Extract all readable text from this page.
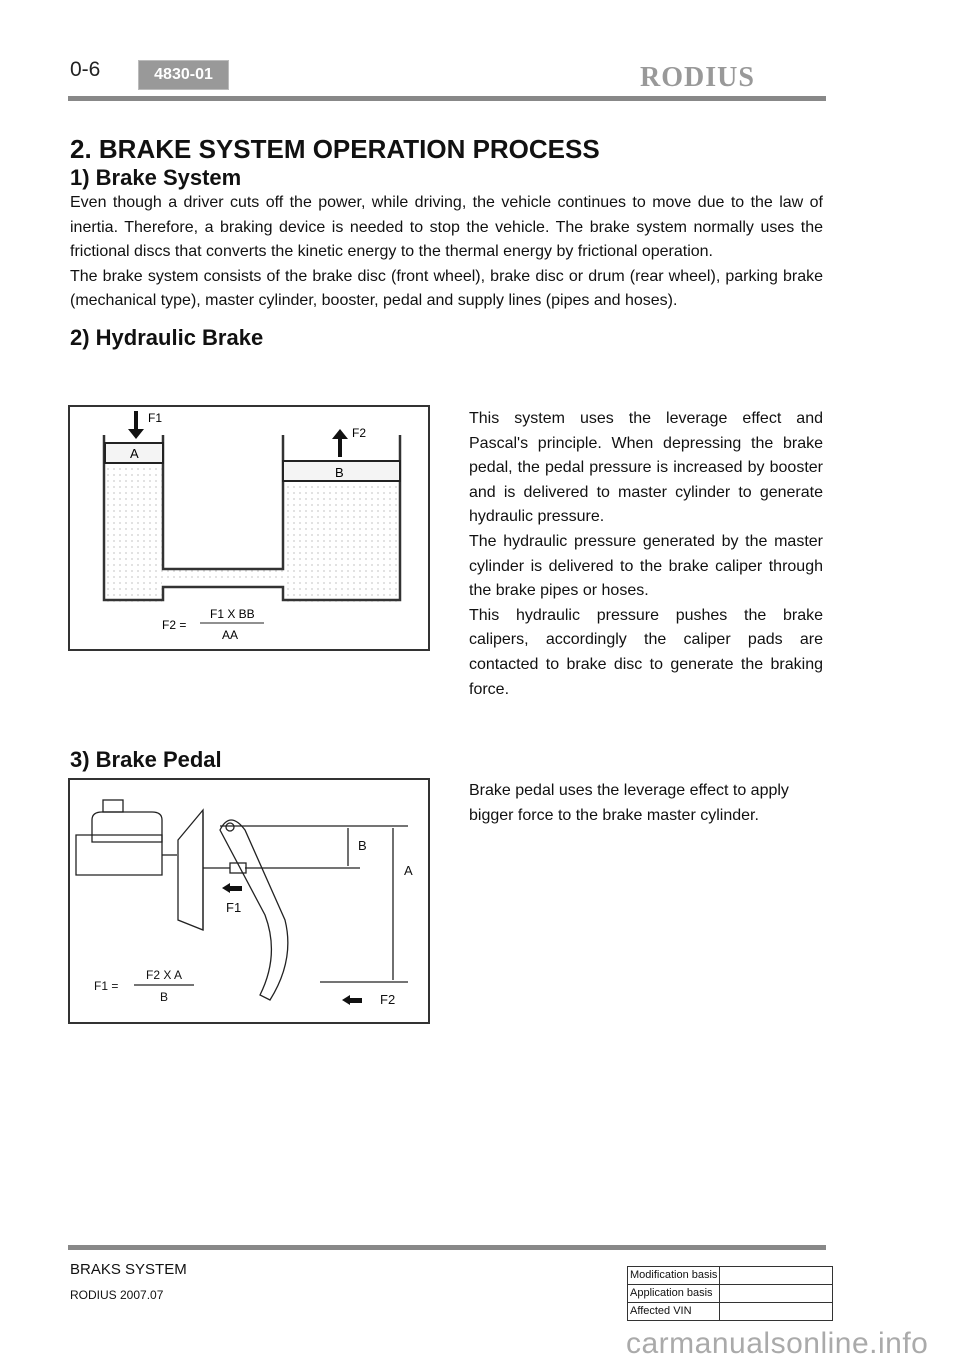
0-6	4830-01	RODIUS
2. BRAKE SYSTEM OPERATION PROCESS
1) Brake System

Even though a driver cuts off the power, while driving, the vehicle continues to move due to the law of inertia. Therefore, a braking device is needed to stop the vehicle. The brake system normally uses the frictional discs that converts the kinetic energy to the thermal energy by frictional operation.

The brake system consists of the brake disc (front wheel), brake disc or drum (rear wheel), parking brake (mechanical type), master cylinder, booster, pedal and supply lines (pipes and hoses).

2) Hydraulic Brake
F1
F2
A
B
F2 =
F1 X BB
AA

This system uses the leverage effect and Pascal's principle. When depressing the brake pedal, the pedal pressure is increased by booster and is delivered to master cylinder to generate hydraulic pressure.

The hydraulic pressure generated by the master cylinder is delivered to the brake caliper through the brake pipes or hoses.

This hydraulic pressure pushes the brake calipers, accordingly the caliper pads are contacted to brake disc to generate the braking force.

3) Brake Pedal
B
A
F1
F2
F1 =
F2 X A
B

Brake pedal uses the leverage effect to apply bigger force to the brake master cylinder.

BRAKS SYSTEM
RODIUS 2007.07
Modification basis	
Application basis	
Affected VIN	
carmanualsonline.info
